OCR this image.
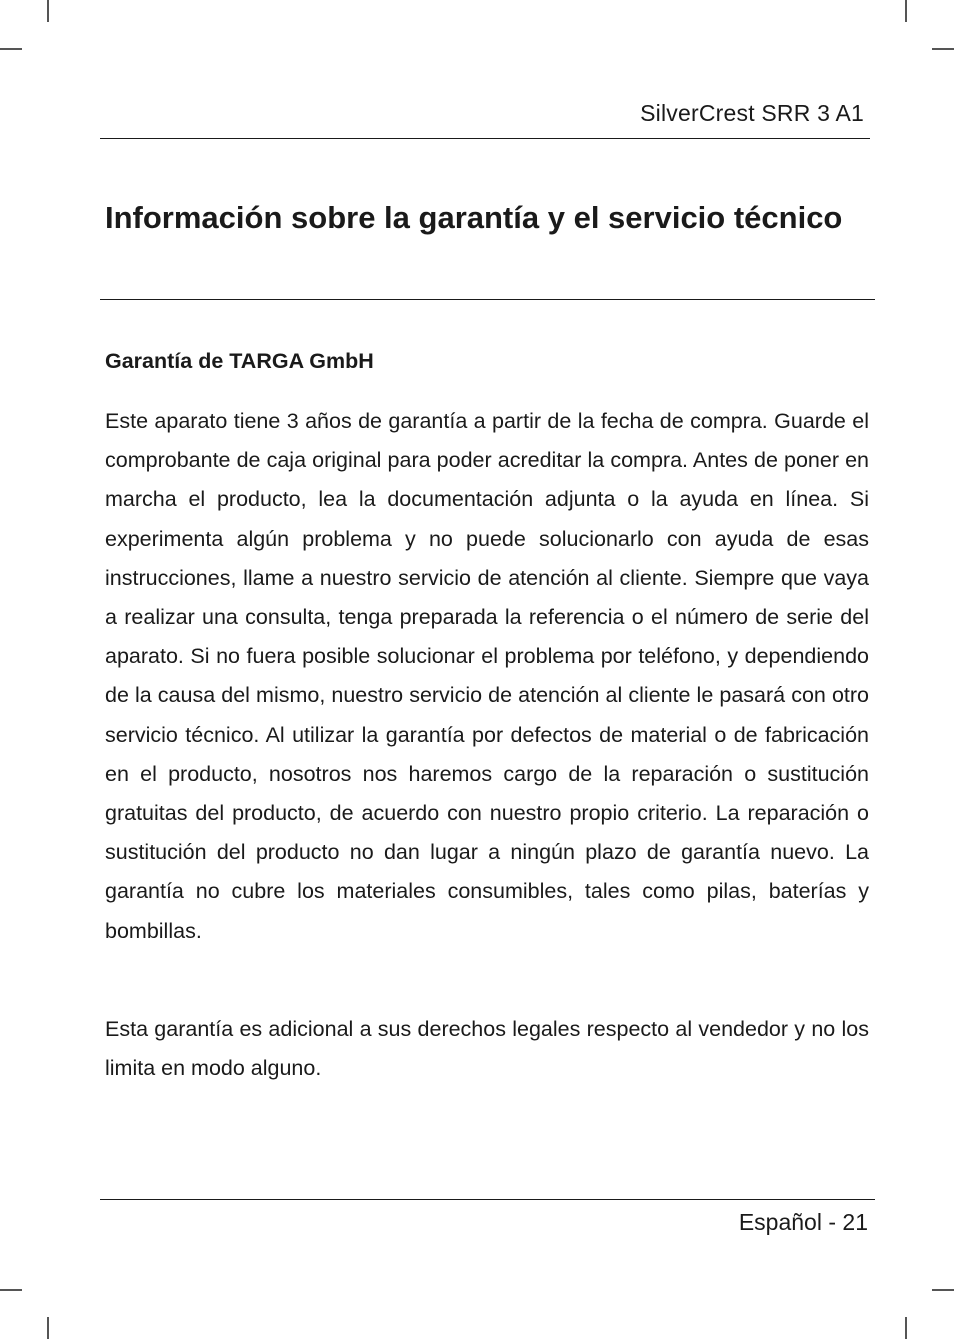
SilverCrest SRR 3 A1
Información sobre la garantía y el servicio técnico
Garantía de TARGA GmbH

Este aparato tiene 3 años de garantía a partir de la fecha de compra. Guarde el comprobante de caja original para poder acreditar la compra. Antes de poner en marcha el producto, lea la documentación adjunta o la ayuda en línea. Si experimenta algún problema y no puede solucionarlo con ayuda de esas instrucciones, llame a nuestro servicio de atención al cliente. Siempre que vaya a realizar una consulta, tenga preparada la referencia o el número de serie del aparato. Si no fuera posible solucionar el problema por teléfono, y dependiendo de la causa del mismo, nuestro servicio de atención al cliente le pasará con otro servicio técnico. Al utilizar la garantía por defectos de material o de fabricación en el producto, nosotros nos haremos cargo de la reparación o sustitución gratuitas del producto, de acuerdo con nuestro propio criterio. La reparación o sustitución del producto no dan lugar a ningún plazo de garantía nuevo. La garantía no cubre los materiales consumibles, tales como pilas, baterías y bombillas.

Esta garantía es adicional a sus derechos legales respecto al vendedor y no los limita en modo alguno.

Español - 21
